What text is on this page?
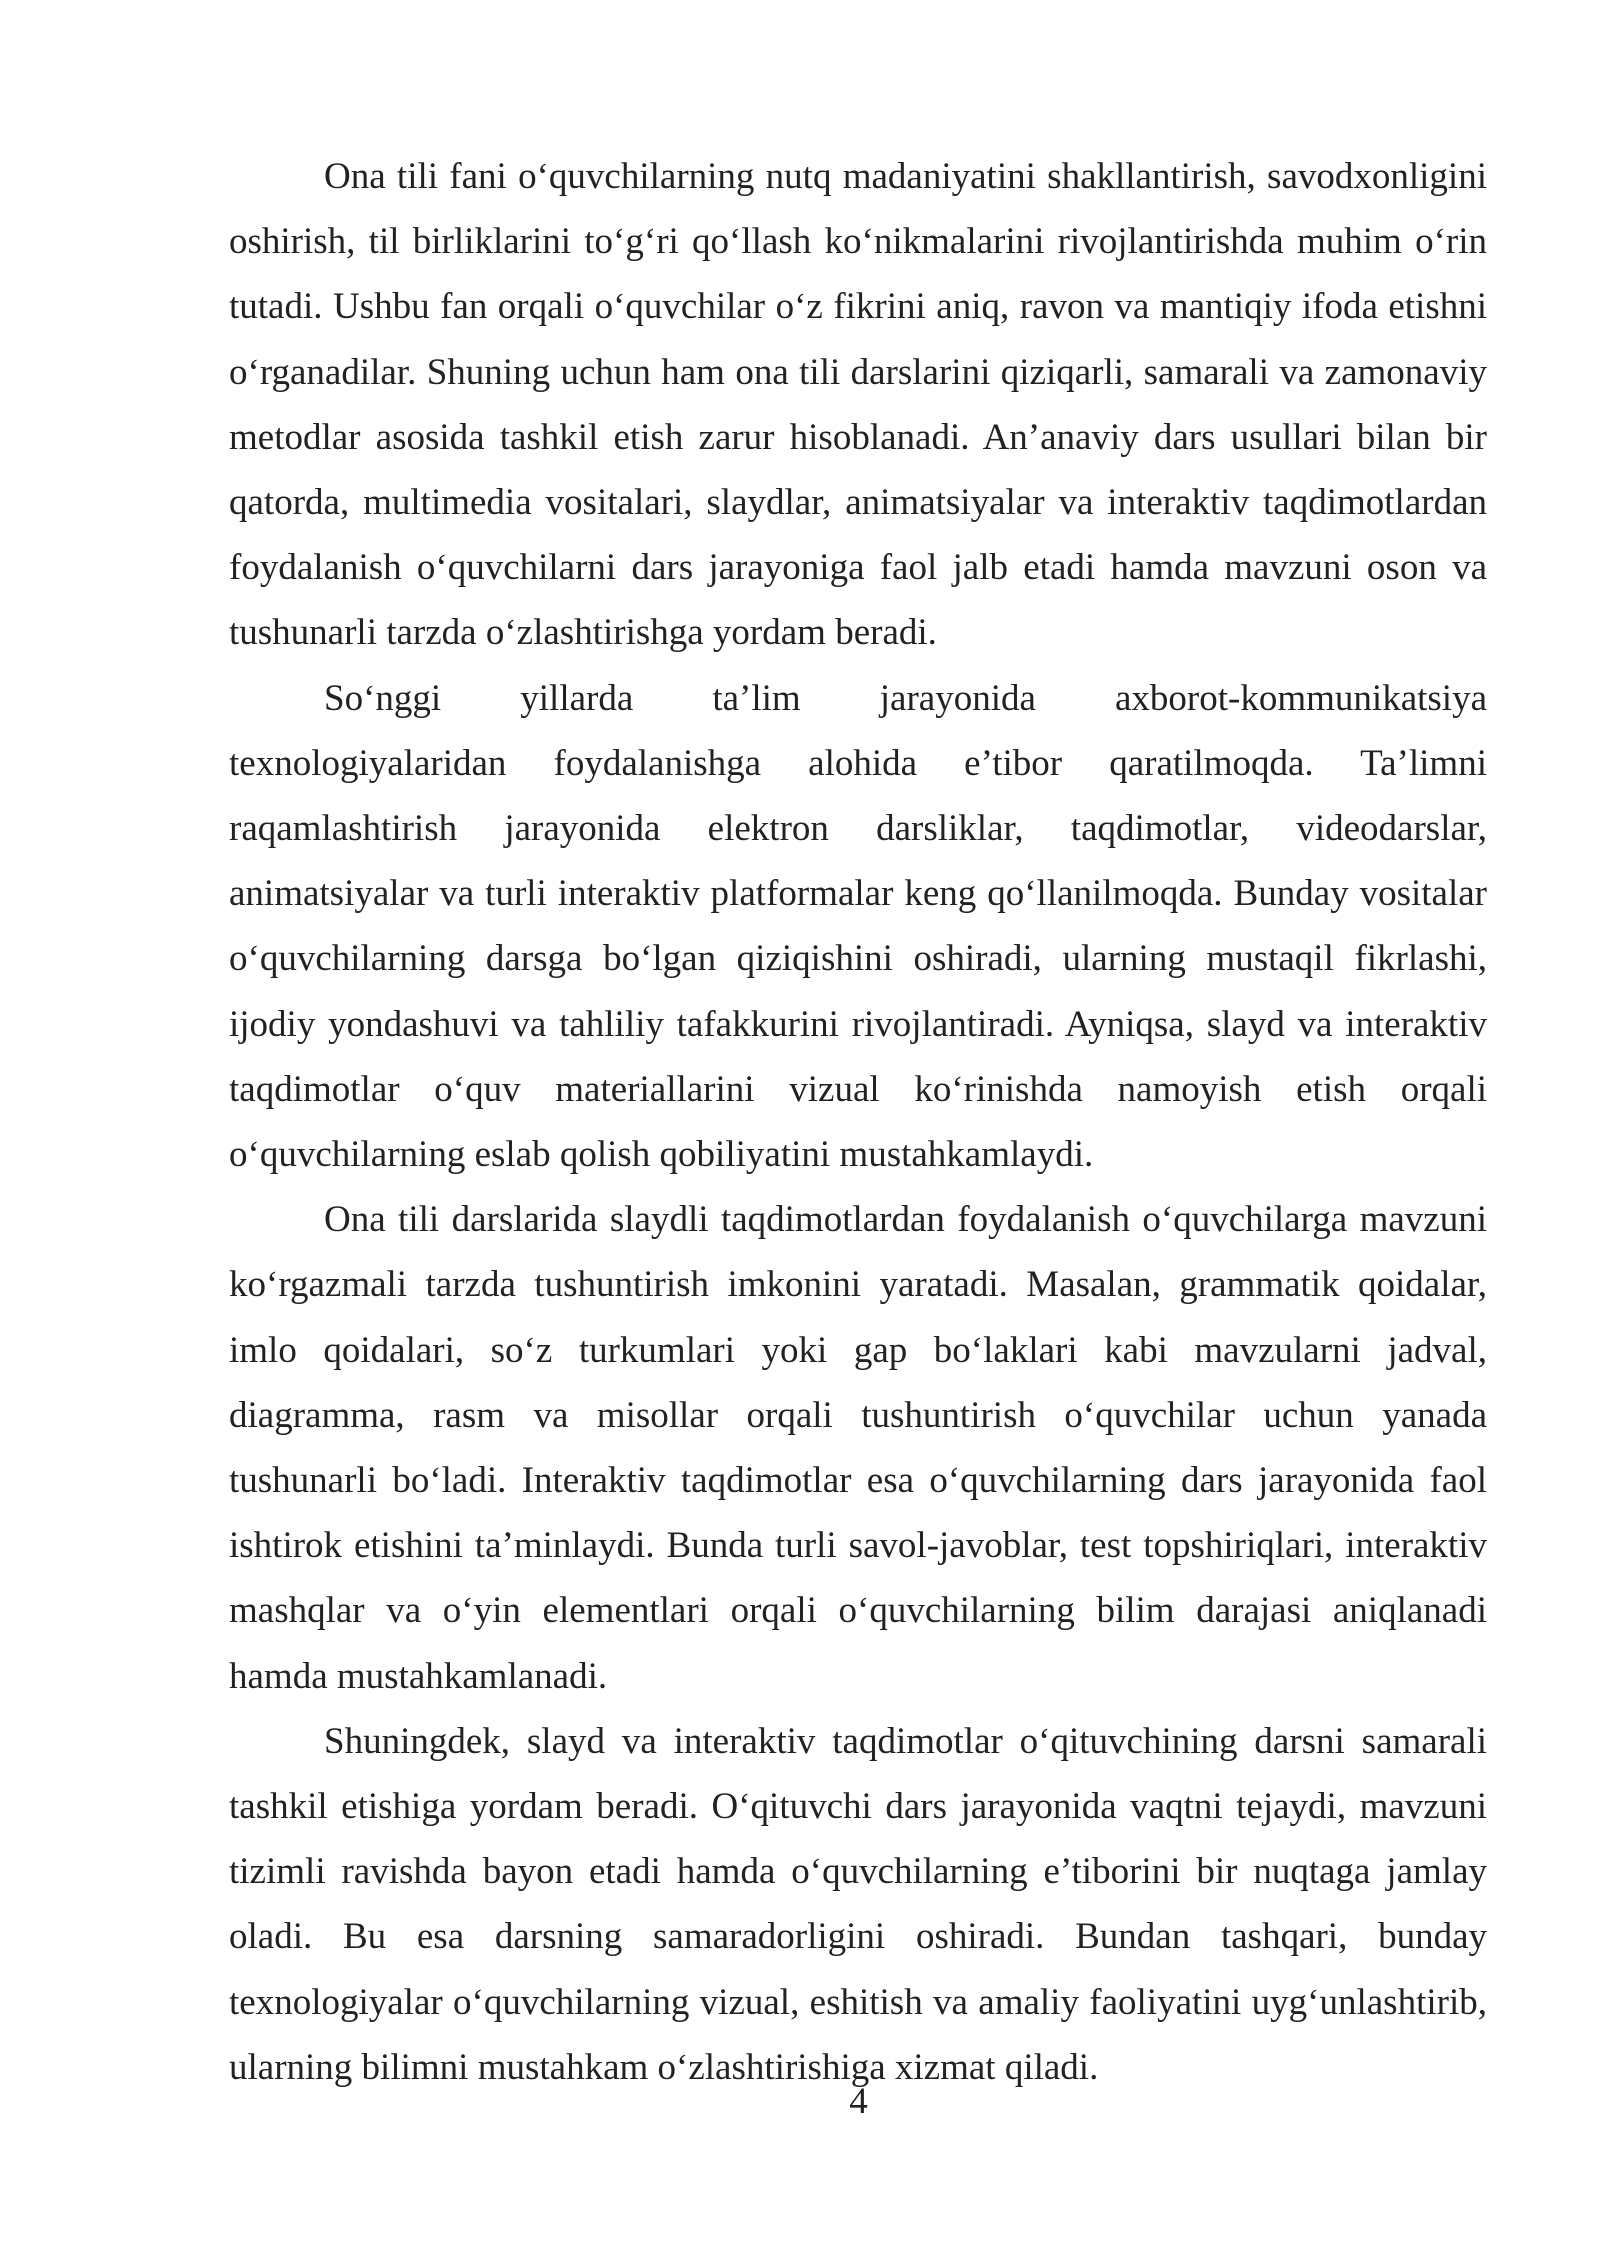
Ona tili fani o‘quvchilarning nutq madaniyatini shakllantirish, savodxonligini oshirish, til birliklarini to‘g‘ri qo‘llash ko‘nikmalarini rivojlantirishda muhim o‘rin tutadi. Ushbu fan orqali o‘quvchilar o‘z fikrini aniq, ravon va mantiqiy ifoda etishni o‘rganadilar. Shuning uchun ham ona tili darslarini qiziqarli, samarali va zamonaviy metodlar asosida tashkil etish zarur hisoblanadi. An’anaviy dars usullari bilan bir qatorda, multimedia vositalari, slaydlar, animatsiyalar va interaktiv taqdimotlardan foydalanish o‘quvchilarni dars jarayoniga faol jalb etadi hamda mavzuni oson va tushunarli tarzda o‘zlashtirishga yordam beradi.

So‘nggi yillarda ta’lim jarayonida axborot-kommunikatsiya texnologiyalaridan foydalanishga alohida e’tibor qaratilmoqda. Ta’limni raqamlashtirish jarayonida elektron darsliklar, taqdimotlar, videodarslar, animatsiyalar va turli interaktiv platformalar keng qo‘llanilmoqda. Bunday vositalar o‘quvchilarning darsga bo‘lgan qiziqishini oshiradi, ularning mustaqil fikrlashi, ijodiy yondashuvi va tahliliy tafakkurini rivojlantiradi. Ayniqsa, slayd va interaktiv taqdimotlar o‘quv materiallarini vizual ko‘rinishda namoyish etish orqali o‘quvchilarning eslab qolish qobiliyatini mustahkamlaydi.

Ona tili darslarida slaydli taqdimotlardan foydalanish o‘quvchilarga mavzuni ko‘rgazmali tarzda tushuntirish imkonini yaratadi. Masalan, grammatik qoidalar, imlo qoidalari, so‘z turkumlari yoki gap bo‘laklari kabi mavzularni jadval, diagramma, rasm va misollar orqali tushuntirish o‘quvchilar uchun yanada tushunarli bo‘ladi. Interaktiv taqdimotlar esa o‘quvchilarning dars jarayonida faol ishtirok etishini ta’minlaydi. Bunda turli savol-javoblar, test topshiriqlari, interaktiv mashqlar va o‘yin elementlari orqali o‘quvchilarning bilim darajasi aniqlanadi hamda mustahkamlanadi.

Shuningdek, slayd va interaktiv taqdimotlar o‘qituvchining darsni samarali tashkil etishiga yordam beradi. O‘qituvchi dars jarayonida vaqtni tejaydi, mavzuni tizimli ravishda bayon etadi hamda o‘quvchilarning e’tiborini bir nuqtaga jamlay oladi. Bu esa darsning samaradorligini oshiradi. Bundan tashqari, bunday texnologiyalar o‘quvchilarning vizual, eshitish va amaliy faoliyatini uyg‘unlashtirib, ularning bilimni mustahkam o‘zlashtirishiga xizmat qiladi.

4
